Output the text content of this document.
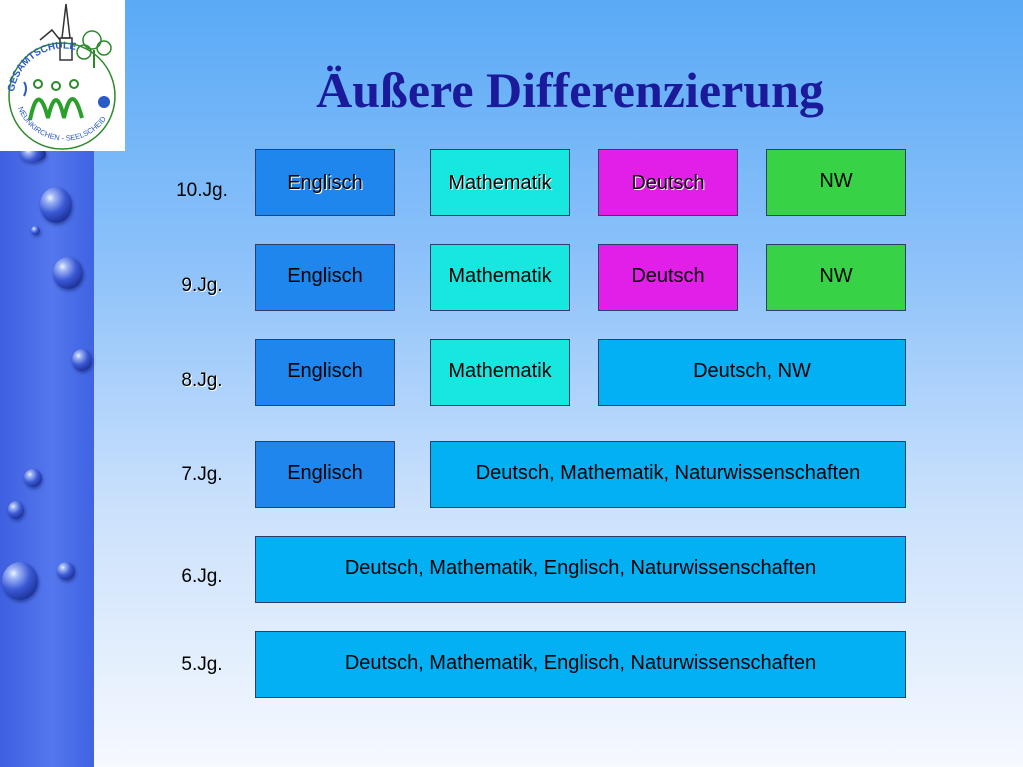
GESAMTSCHULE
NEUNKIRCHEN - SEELSCHEID
Äußere Differenzierung
10.Jg.	Englisch	Mathematik	Deutsch	NW
9.Jg.	Englisch	Mathematik	Deutsch	NW
8.Jg.	Englisch	Mathematik	Deutsch, NW
7.Jg.	Englisch	Deutsch, Mathematik, Naturwissenschaften
6.Jg.	Deutsch, Mathematik, Englisch, Naturwissenschaften
5.Jg.	Deutsch, Mathematik, Englisch, Naturwissenschaften
